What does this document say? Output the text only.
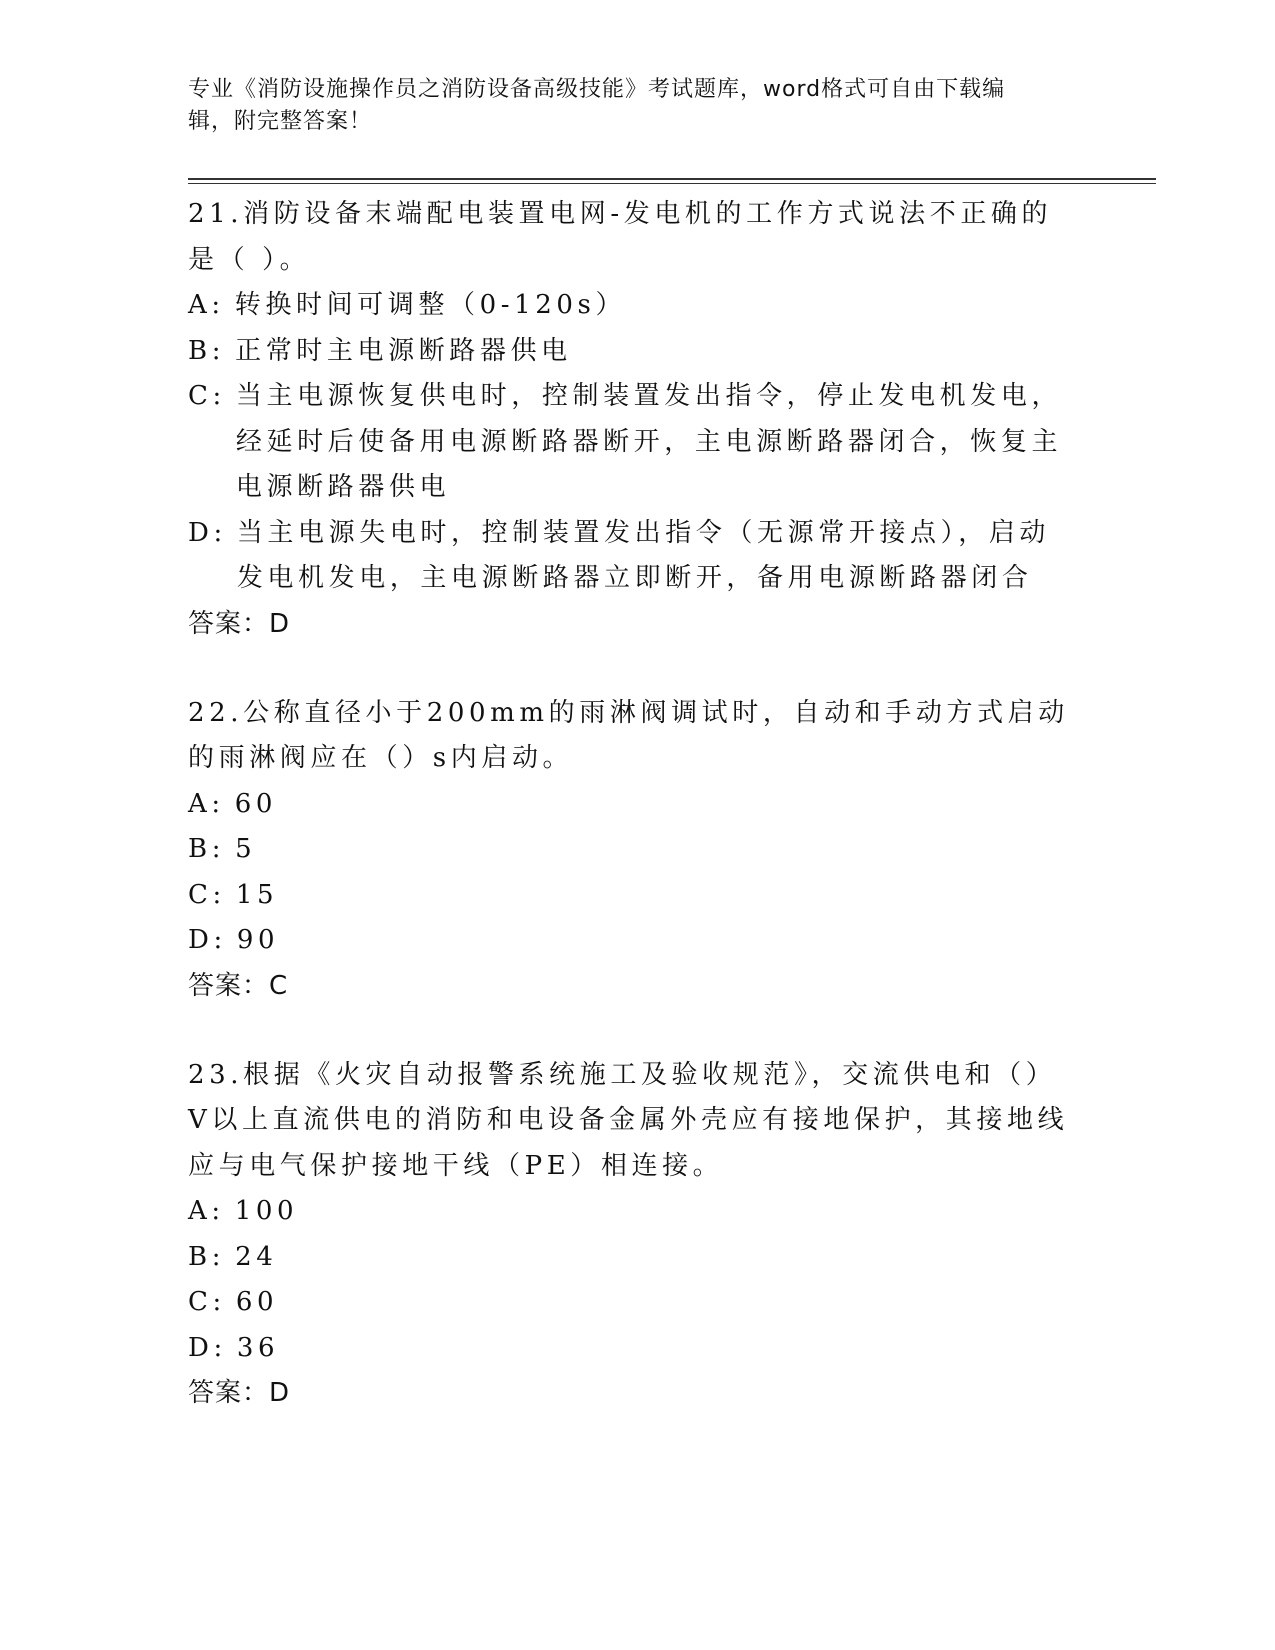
专业《消防设施操作员之消防设备高级技能》考试题库，word格式可自由下载编
辑，附完整答案！
21.消防设备末端配电装置电网-发电机的工作方式说法不正确的是（ ）。
A : 转换时间可调整（0-120s）
B : 正常时主电源断路器供电
C : 当主电源恢复供电时，控制装置发出指令，停止发电机发电，经延时后使备用电源断路器断开，主电源断路器闭合，恢复主电源断路器供电
D : 当主电源失电时，控制装置发出指令（无源常开接点），启动发电机发电，主电源断路器立即断开，备用电源断路器闭合
答案：D
22.公称直径小于200mm的雨淋阀调试时，自动和手动方式启动的雨淋阀应在（）s内启动。
A : 60
B : 5
C : 15
D : 90
答案：C
23.根据《火灾自动报警系统施工及验收规范》，交流供电和（）V以上直流供电的消防和电设备金属外壳应有接地保护，其接地线应与电气保护接地干线（PE）相连接。
A : 100
B : 24
C : 60
D : 36
答案：D
